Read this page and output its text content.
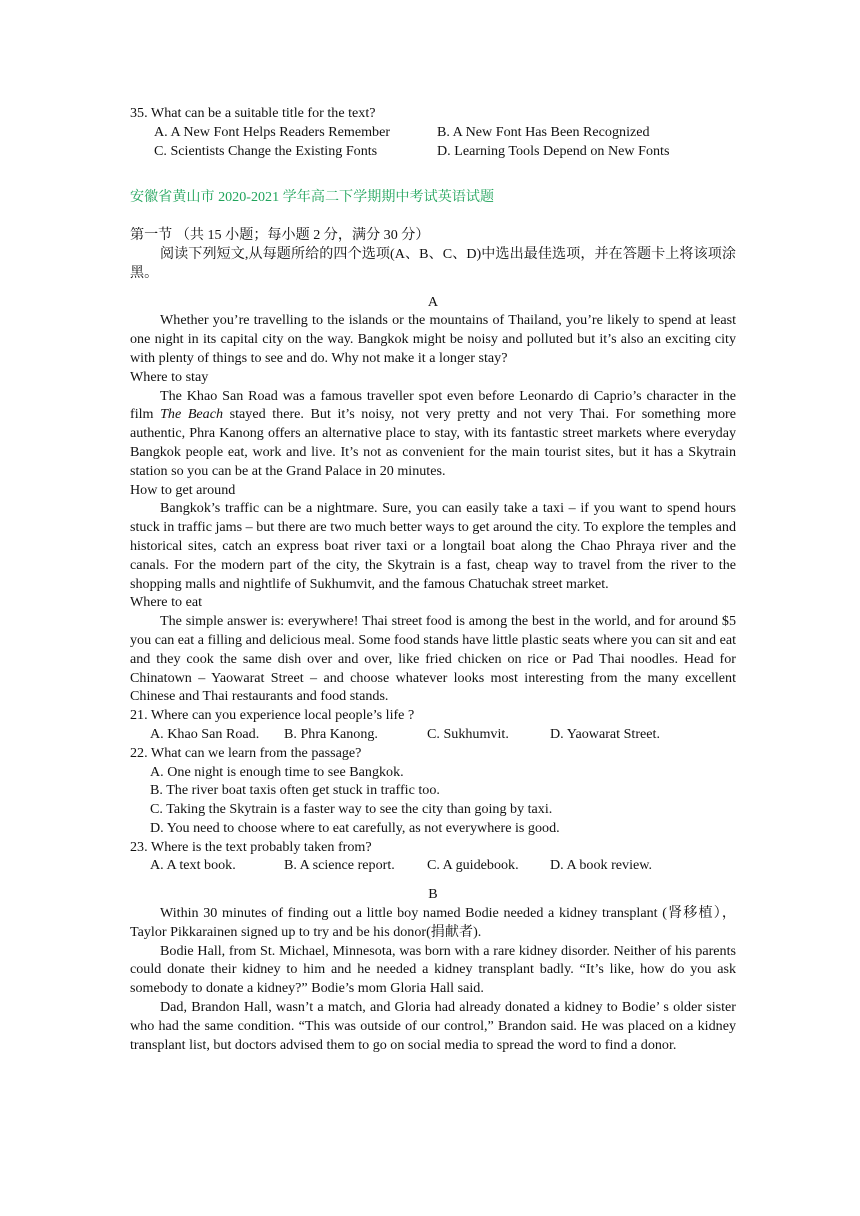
35. What can be a suitable title for the text?

A. A New Font Helps Readers Remember	B. A New Font Has Been Recognized

C. Scientists Change the Existing Fonts	D. Learning Tools Depend on New Fonts

安徽省黄山市 2020-2021 学年高二下学期期中考试英语试题

第一节 （共 15 小题；每小题 2 分，满分 30 分）

阅读下列短文,从每题所给的四个选项(A、B、C、D)中选出最佳选项，并在答题卡上将该项涂黑。

A

Whether you’re travelling to the islands or the mountains of Thailand, you’re likely to spend at least one night in its capital city on the way. Bangkok might be noisy and polluted but it’s also an exciting city with plenty of things to see and do. Why not make it a longer stay?

Where to stay

The Khao San Road was a famous traveller spot even before Leonardo di Caprio’s character in the film The Beach stayed there. But it’s noisy, not very pretty and not very Thai. For something more authentic, Phra Kanong offers an alternative place to stay, with its fantastic street markets where everyday Bangkok people eat, work and live. It’s not as convenient for the main tourist sites, but it has a Skytrain station so you can be at the Grand Palace in 20 minutes.

How to get around

Bangkok’s traffic can be a nightmare. Sure, you can easily take a taxi – if you want to spend hours stuck in traffic jams – but there are two much better ways to get around the city. To explore the temples and historical sites, catch an express boat river taxi or a longtail boat along the Chao Phraya river and the canals. For the modern part of the city, the Skytrain is a fast, cheap way to travel from the river to the shopping malls and nightlife of Sukhumvit, and the famous Chatuchak street market.

Where to eat

The simple answer is: everywhere! Thai street food is among the best in the world, and for around $5 you can eat a filling and delicious meal. Some food stands have little plastic seats where you can sit and eat and they cook the same dish over and over, like fried chicken on rice or Pad Thai noodles. Head for Chinatown – Yaowarat Street – and choose whatever looks most interesting from the many excellent Chinese and Thai restaurants and food stands.

21. Where can you experience local people’s life ?

A. Khao San Road.	B. Phra Kanong.	C. Sukhumvit.	D. Yaowarat Street.

22. What can we learn from the passage?

A. One night is enough time to see Bangkok.

B. The river boat taxis often get stuck in traffic too.

C. Taking the Skytrain is a faster way to see the city than going by taxi.

D. You need to choose where to eat carefully, as not everywhere is good.

23. Where is the text probably taken from?

A. A text book.	B. A science report.	C. A guidebook.	D. A book review.

B

Within 30 minutes of finding out a little boy named Bodie needed a kidney transplant (肾移植），Taylor Pikkarainen signed up to try and be his donor(捐献者).

Bodie Hall, from St. Michael, Minnesota, was born with a rare kidney disorder. Neither of his parents could donate their kidney to him and he needed a kidney transplant badly. “It’s like, how do you ask somebody to donate a kidney?” Bodie’s mom Gloria Hall said.

Dad, Brandon Hall, wasn’t a match, and Gloria had already donated a kidney to Bodie’ s older sister who had the same condition. “This was outside of our control,” Brandon said. He was placed on a kidney transplant list, but doctors advised them to go on social media to spread the word to find a donor.
